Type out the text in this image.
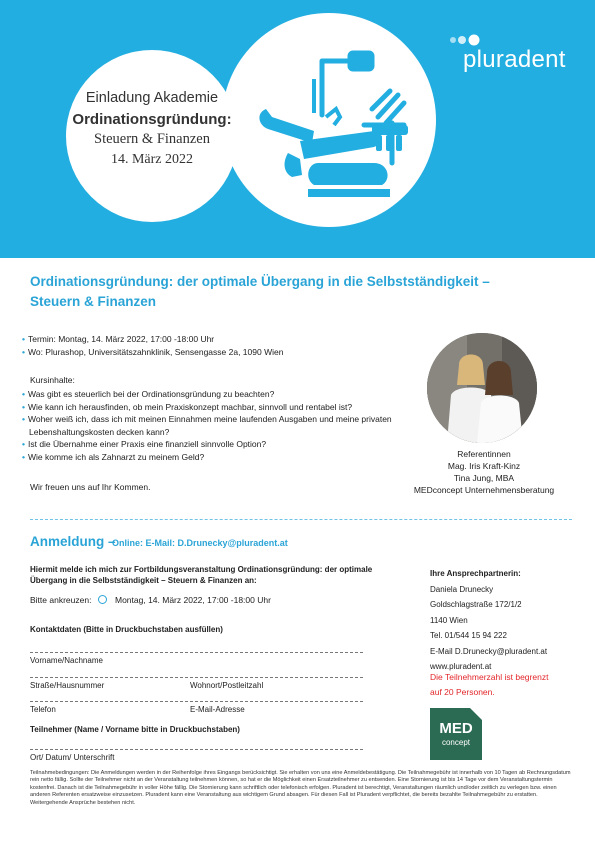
Einladung Akademie
Ordinationsgründung:
Steuern & Finanzen
14. März 2022
pluradent
Ordinationsgründung: der optimale Übergang in die Selbstständigkeit –
Steuern & Finanzen
• Termin: Montag, 14. März 2022, 17:00 -18:00 Uhr
• Wo: Plurashop, Universitätszahnklinik, Sensengasse 2a, 1090 Wien
Kursinhalte:
• Was gibt es steuerlich bei der Ordinationsgründung zu beachten?
• Wie kann ich herausfinden, ob mein Praxiskonzept machbar, sinnvoll und rentabel ist?
• Woher weiß ich, dass ich mit meinen Einnahmen meine laufenden Ausgaben und meine privaten Lebenshaltungskosten decken kann?
• Ist die Übernahme einer Praxis eine finanziell sinnvolle Option?
• Wie komme ich als Zahnarzt zu meinem Geld?
Wir freuen uns auf Ihr Kommen.
Referentinnen
Mag. Iris Kraft-Kinz
Tina Jung, MBA
MEDconcept Unternehmensberatung
Anmeldung –
Online: E-Mail: D.Drunecky@pluradent.at
Hiermit melde ich mich zur Fortbildungsveranstaltung Ordinationsgründung: der optimale
Übergang in die Selbstständigkeit – Steuern & Finanzen an:
Bitte ankreuzen:	Montag, 14. März 2022, 17:00 -18:00 Uhr
Kontaktdaten (Bitte in Druckbuchstaben ausfüllen)
Vorname/Nachname
Straße/Hausnummer	Wohnort/Postleitzahl
Telefon	E-Mail-Adresse
Teilnehmer (Name / Vorname bitte in Druckbuchstaben)
Ort/ Datum/ Unterschrift
Ihre Ansprechpartnerin:
Daniela Drunecky
Goldschlagstraße 172/1/2
1140 Wien
Tel. 01/544 15 94 222
E-Mail D.Drunecky@pluradent.at
www.pluradent.at
Die Teilnehmerzahl ist begrenzt
auf 20 Personen.
MED
concept
Teilnahmebedingungen: Die Anmeldungen werden in der Reihenfolge ihres Eingangs berücksichtigt. Sie erhalten von uns eine Anmeldebestätigung. Die Teilnahmegebühr ist innerhalb von 10 Tagen ab Rechnungsdatum rein netto fällig. Sollte der Teilnehmer nicht an der Veranstaltung teilnehmen können, so hat er die Möglichkeit einen Ersatzteilnehmer zu entsenden. Eine Stornierung ist bis 14 Tage vor dem Veranstaltungstermin kostenfrei. Danach ist die Teilnahmegebühr in voller Höhe fällig. Die Stornierung kann schriftlich oder telefonisch erfolgen. Pluradent ist berechtigt, Veranstaltungen räumlich und/oder zeitlich zu verlegen bzw. einen anderen Referenten ersatzweise einzusetzen. Pluradent kann eine Veranstaltung aus wichtigem Grund absagen. Für diesen Fall ist Pluradent verpflichtet, die bereits bezahlte Teilnahmegebühr zu erstatten. Weitergehende Ansprüche bestehen nicht.
